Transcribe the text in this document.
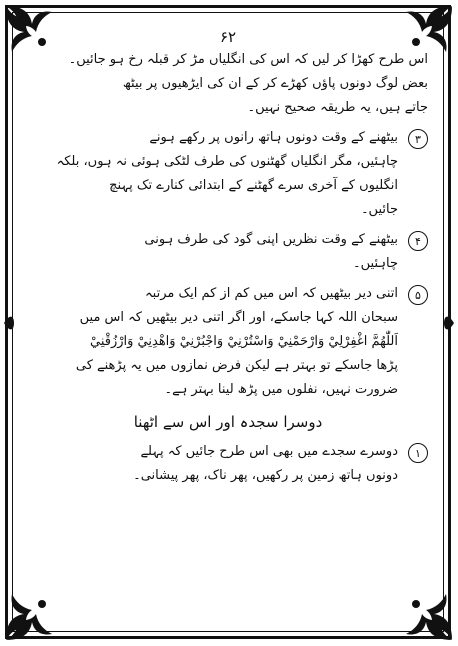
۶۲
اس طرح کھڑا کر لیں کہ اس کی انگلیاں مڑ کر قبلہ رخ ہو جائیں۔
بعض لوگ دونوں پاؤں کھڑے کر کے ان کی ایڑھیوں پر بیٹھ
جاتے ہیں، یہ طریقہ صحیح نہیں۔
۳
بیٹھنے کے وقت دونوں ہاتھ رانوں پر رکھے ہونے
چاہئیں، مگر انگلیاں گھٹنوں کی طرف لٹکی ہوئی نہ ہوں، بلکہ
انگلیوں کے آخری سرے گھٹنے کے ابتدائی کنارے تک پہنچ
جائیں۔
۴
بیٹھنے کے وقت نظریں اپنی گود کی طرف ہونی
چاہئیں۔
۵
اتنی دیر بیٹھیں کہ اس میں کم از کم ایک مرتبہ
سبحان اللہ کہا جاسکے، اور اگر اتنی دیر بیٹھیں کہ اس میں
اَللّٰهُمَّ اغْفِرْلِيْ وَارْحَمْنِيْ وَاسْتُرْنِيْ وَاجْبُرْنِيْ وَاهْدِنِيْ وَارْزُقْنِيْ
پڑھا جاسکے تو بہتر ہے لیکن فرض نمازوں میں یہ پڑھنے کی
ضرورت نہیں، نفلوں میں پڑھ لینا بہتر ہے۔
دوسرا سجدہ اور اس سے اٹھنا
۱
دوسرے سجدے میں بھی اس طرح جائیں کہ پہلے
دونوں ہاتھ زمین پر رکھیں، پھر ناک، پھر پیشانی۔
